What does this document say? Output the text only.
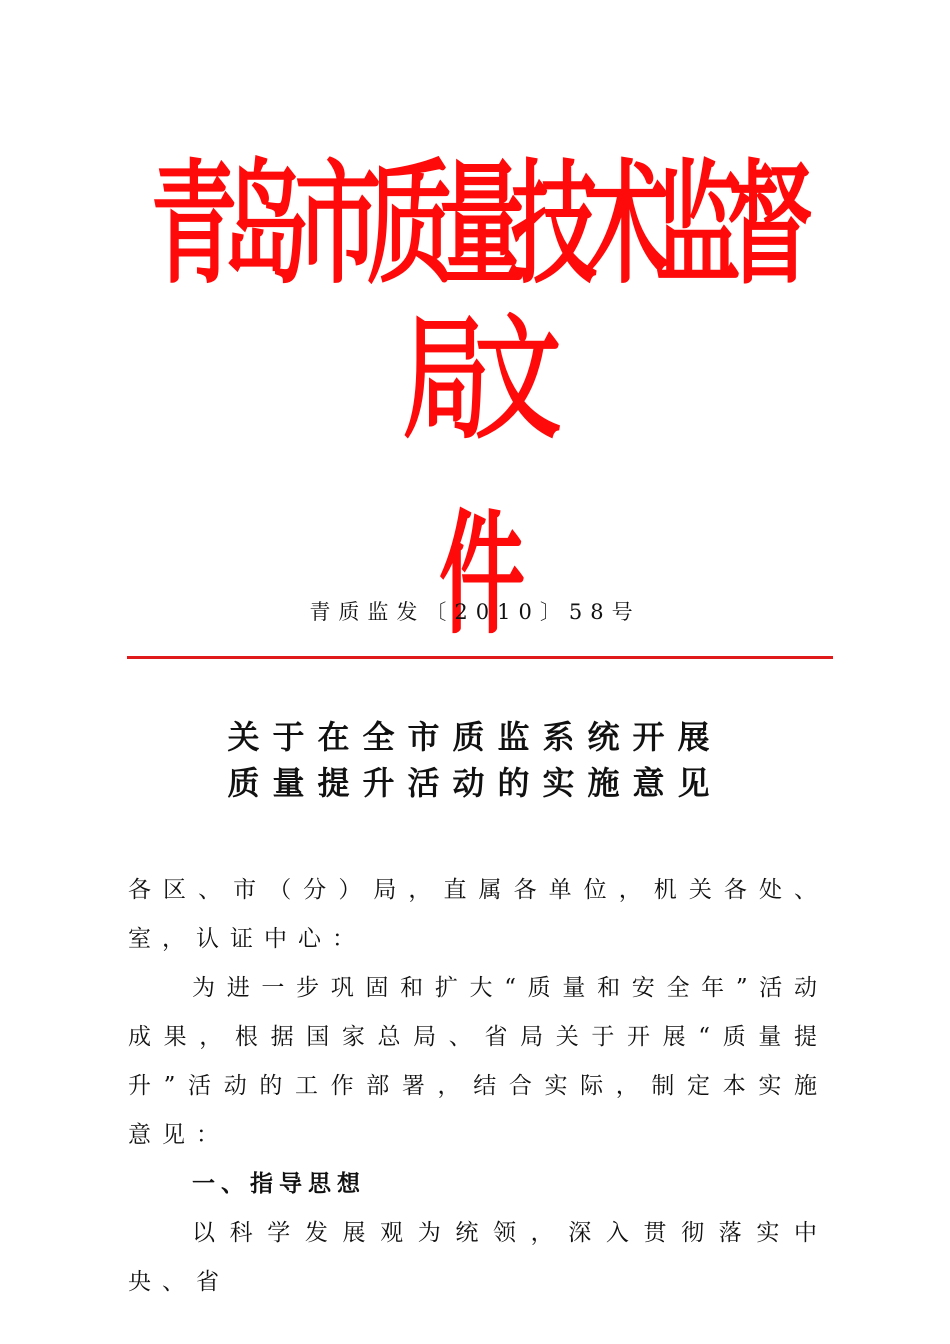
青岛市质量技术监督局文
件
青质监发〔2010〕58号
关于在全市质监系统开展
质量提升活动的实施意见

各区、市（分）局，直属各单位，机关各处、室，认证中心：

为进一步巩固和扩大“质量和安全年”活动成果，根据国家总局、省局关于开展“质量提升”活动的工作部署，结合实际，制定本实施意见：

一、指导思想

以科学发展观为统领，深入贯彻落实中央、省
